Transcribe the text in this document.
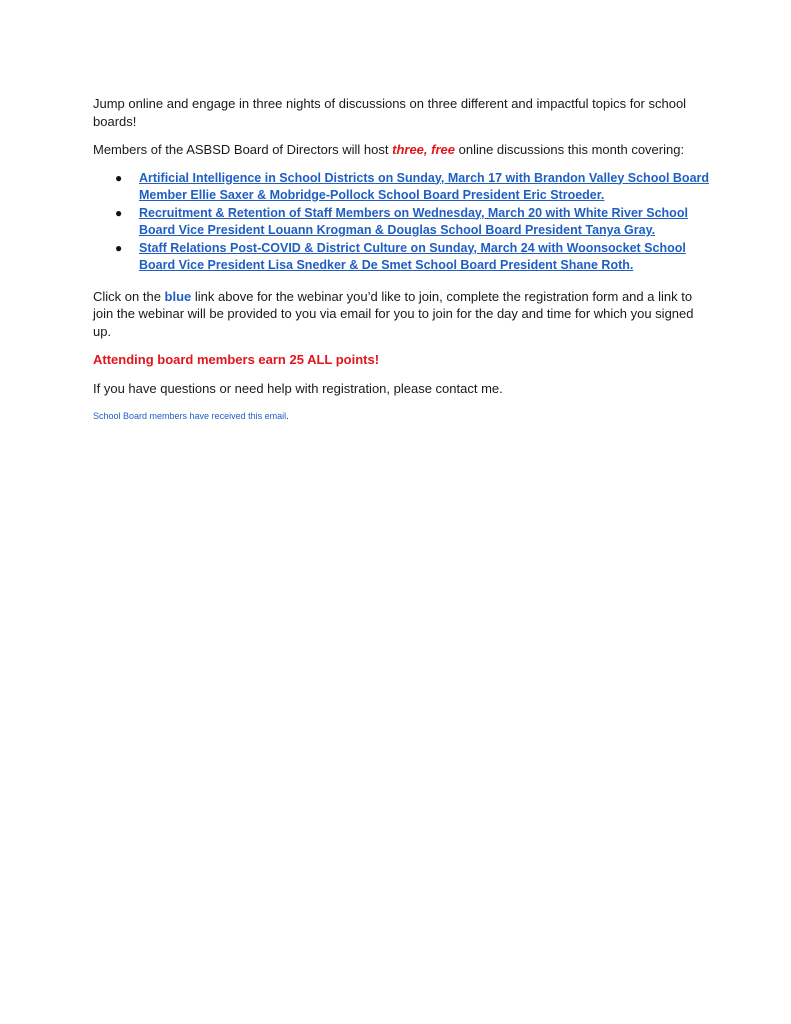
Jump online and engage in three nights of discussions on three different and impactful topics for school boards!

Members of the ASBSD Board of Directors will host three, free online discussions this month covering:

● Artificial Intelligence in School Districts on Sunday, March 17 with Brandon Valley School Board Member Ellie Saxer & Mobridge-Pollock School Board President Eric Stroeder.
● Recruitment & Retention of Staff Members on Wednesday, March 20 with White River School Board Vice President Louann Krogman & Douglas School Board President Tanya Gray.
● Staff Relations Post-COVID & District Culture on Sunday, March 24 with Woonsocket School Board Vice President Lisa Snedker & De Smet School Board President Shane Roth.

Click on the blue link above for the webinar you’d like to join, complete the registration form and a link to join the webinar will be provided to you via email for you to join for the day and time for which you signed up.

Attending board members earn 25 ALL points!

If you have questions or need help with registration, please contact me.

School Board members have received this email.
